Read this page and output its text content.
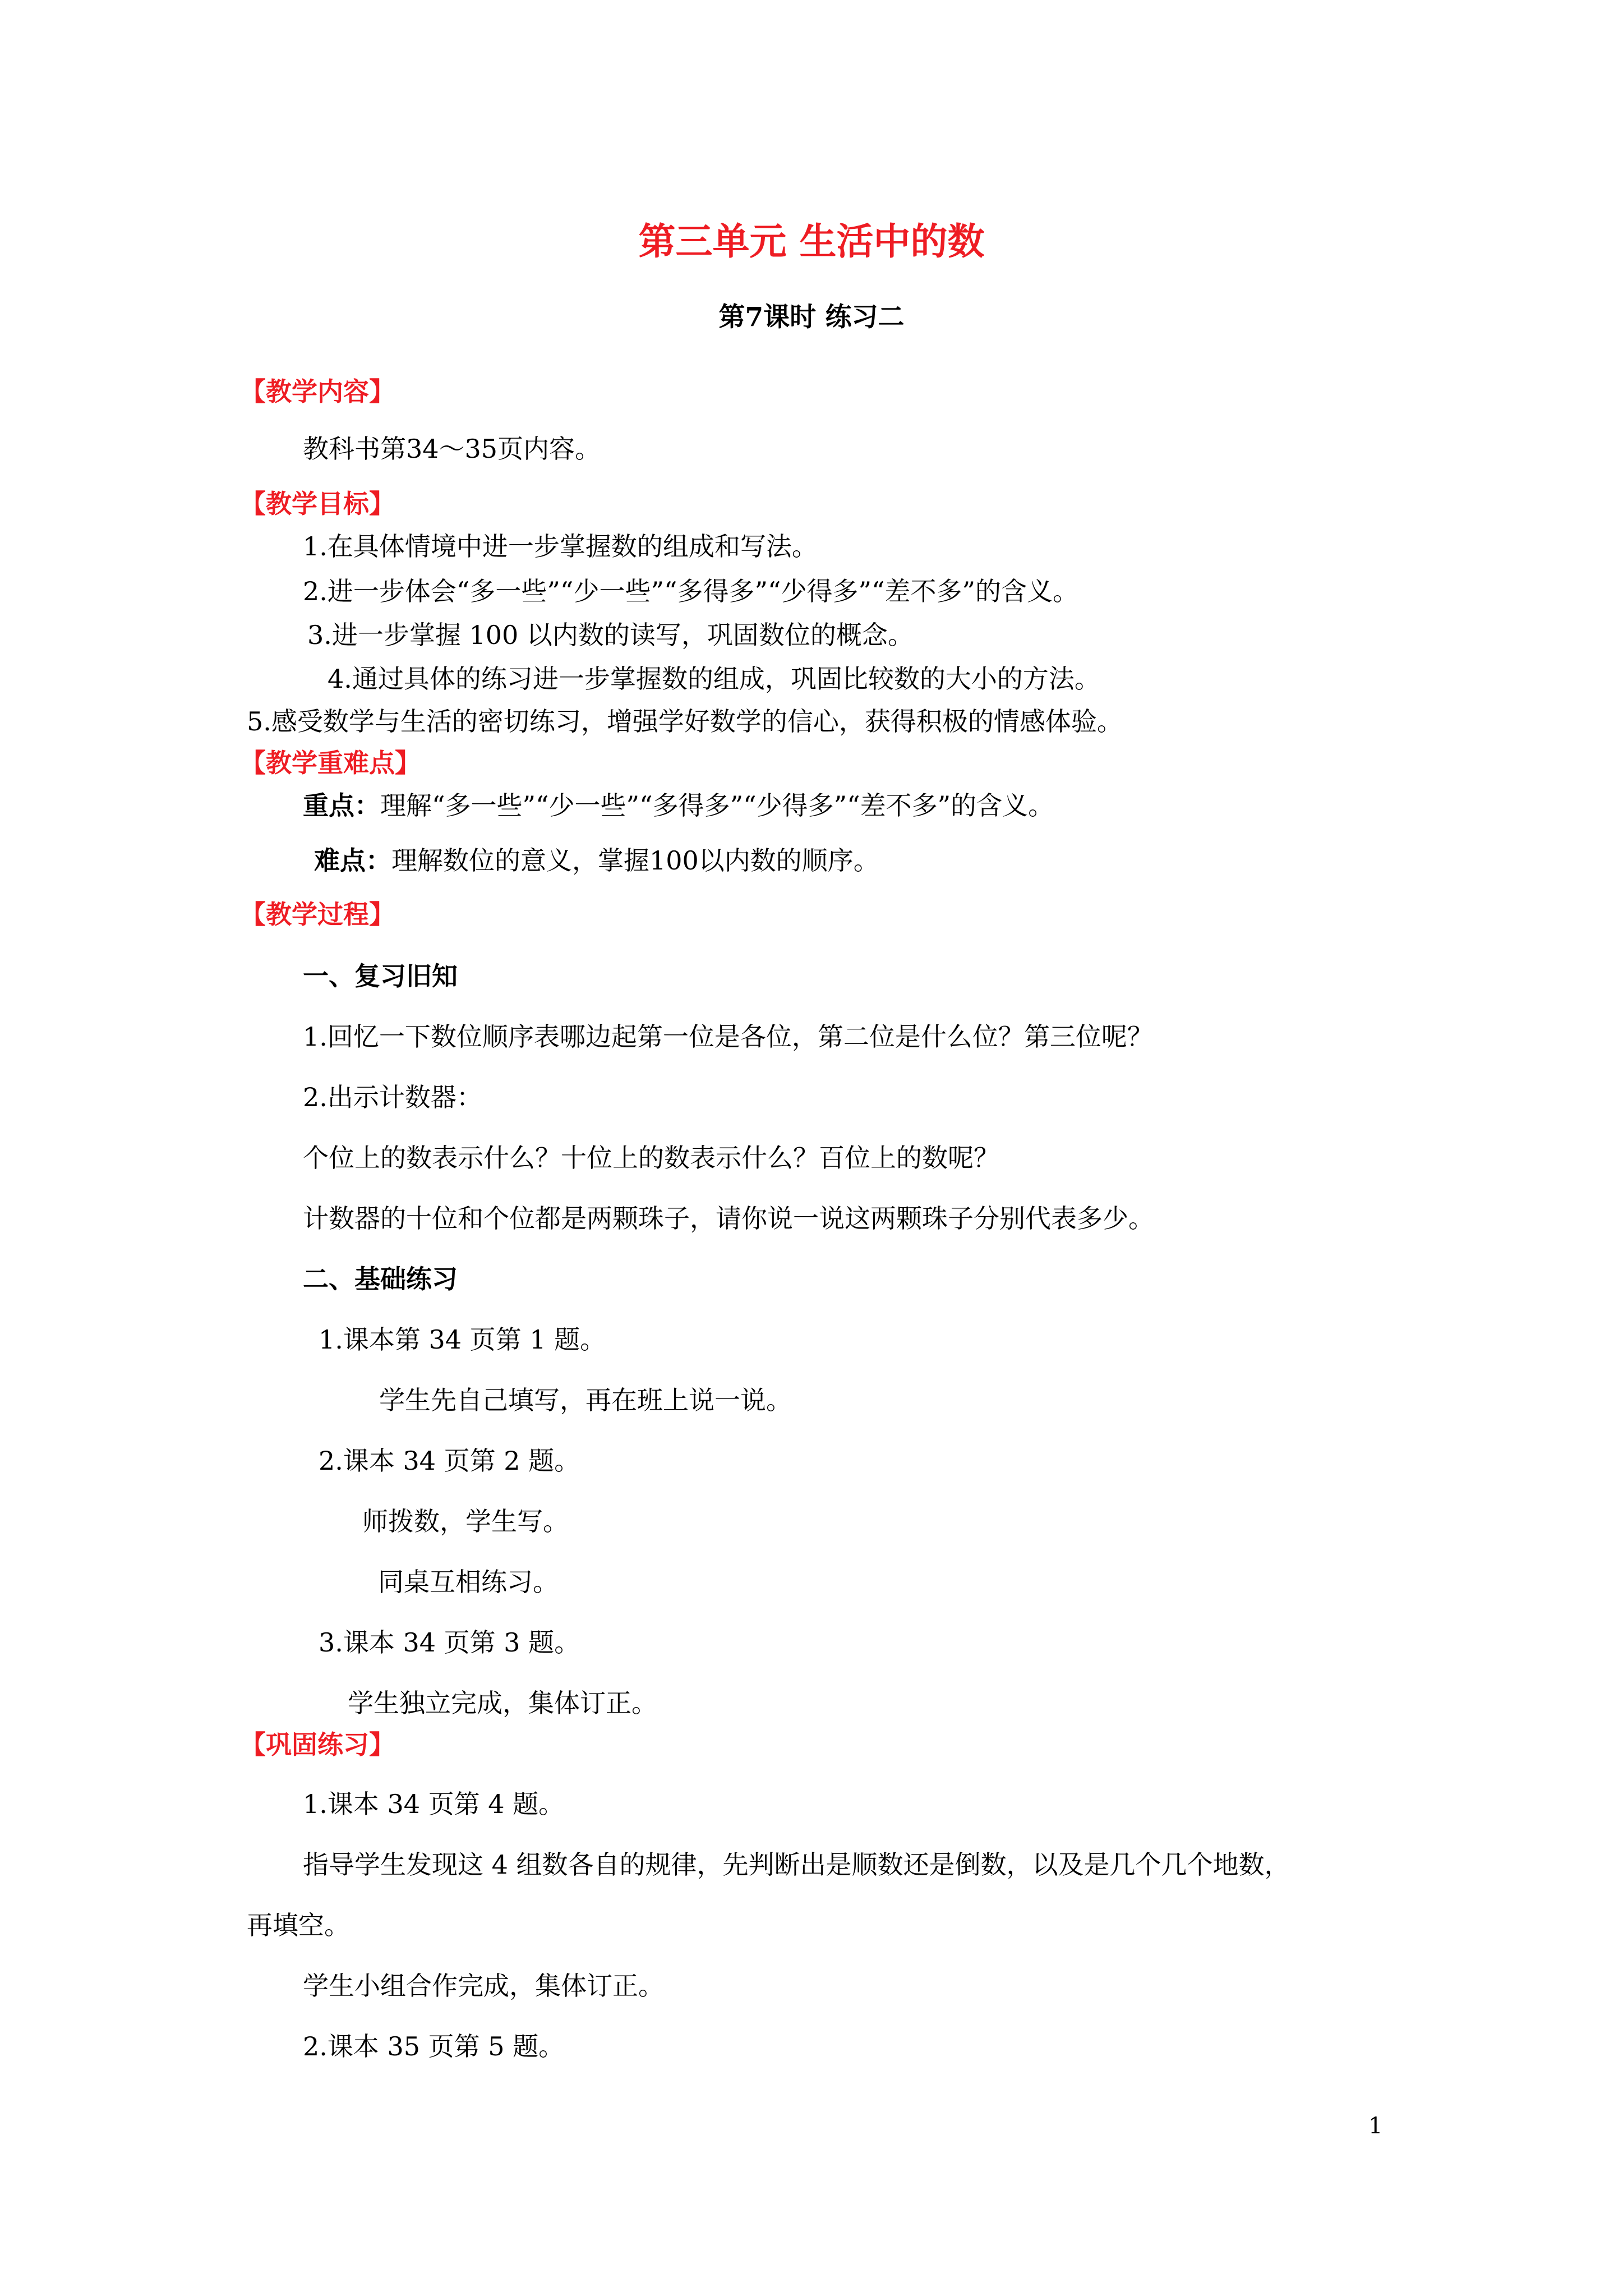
第三单元 生活中的数
第7课时 练习二
【教学内容】
教科书第34～35页内容。
【教学目标】
1.在具体情境中进一步掌握数的组成和写法。
2.进一步体会“多一些”“少一些”“多得多”“少得多”“差不多”的含义。
3.进一步掌握 100 以内数的读写，巩固数位的概念。
4.通过具体的练习进一步掌握数的组成，巩固比较数的大小的方法。
5.感受数学与生活的密切练习，增强学好数学的信心，获得积极的情感体验。
【教学重难点】
重点：理解“多一些”“少一些”“多得多”“少得多”“差不多”的含义。
难点：理解数位的意义，掌握100以内数的顺序。
【教学过程】
一、复习旧知
1.回忆一下数位顺序表哪边起第一位是各位，第二位是什么位？第三位呢？
2.出示计数器：
个位上的数表示什么？十位上的数表示什么？百位上的数呢？
计数器的十位和个位都是两颗珠子，请你说一说这两颗珠子分别代表多少。
二、基础练习
1.课本第 34 页第 1 题。
学生先自己填写，再在班上说一说。
2.课本 34 页第 2 题。
师拨数，学生写。
同桌互相练习。
3.课本 34 页第 3 题。
学生独立完成，集体订正。
【巩固练习】
1.课本 34 页第 4 题。
指导学生发现这 4 组数各自的规律，先判断出是顺数还是倒数，以及是几个几个地数，
再填空。
学生小组合作完成，集体订正。
2.课本 35 页第 5 题。
1
